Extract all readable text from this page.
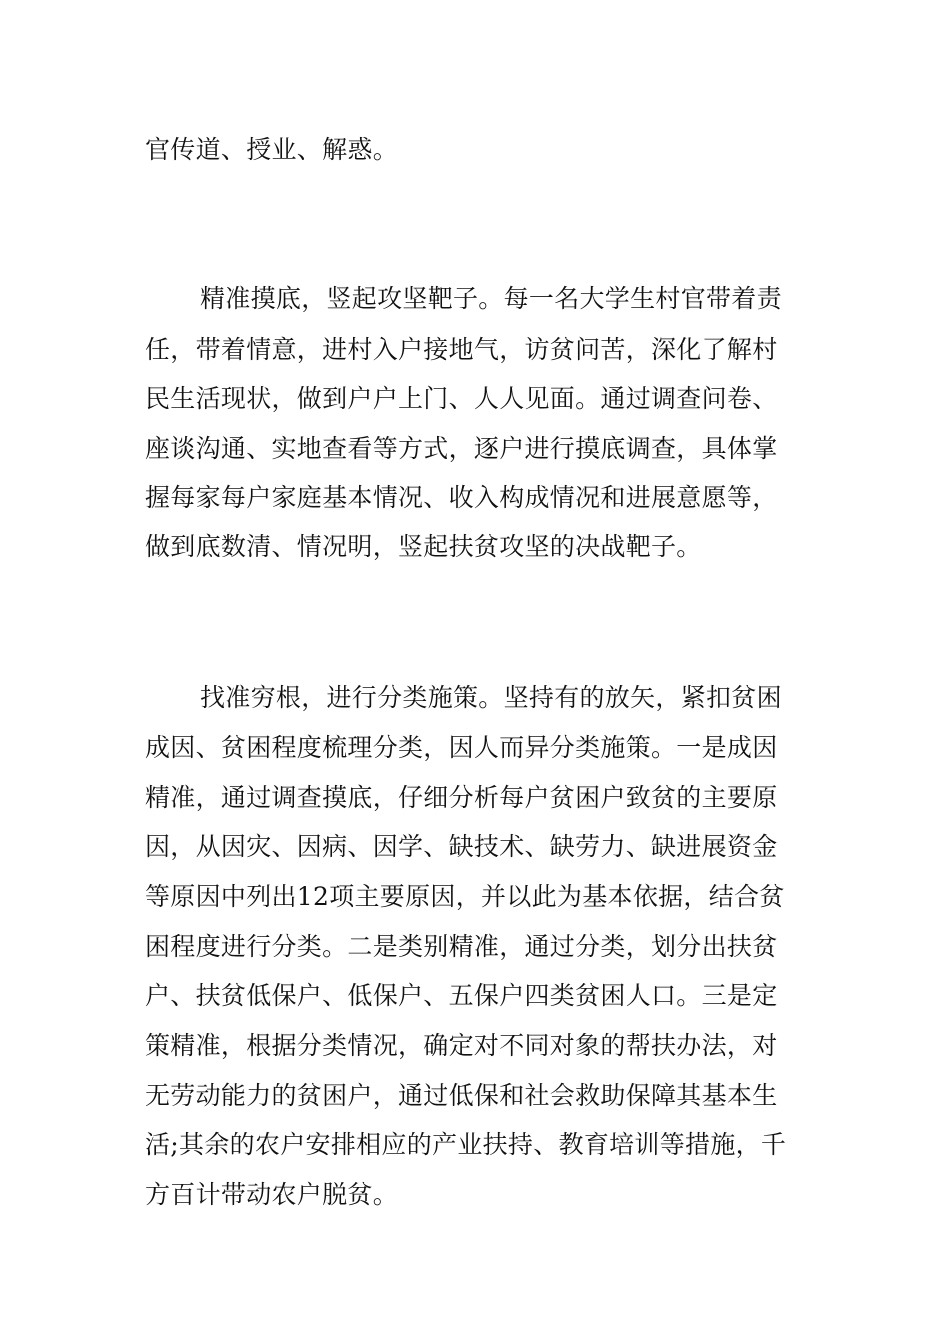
官传道、授业、解惑。
精准摸底，竖起攻坚靶子。每一名大学生村官带着责
任，带着情意，进村入户接地气，访贫问苦，深化了解村
民生活现状，做到户户上门、人人见面。通过调查问卷、
座谈沟通、实地查看等方式，逐户进行摸底调查，具体掌
握每家每户家庭基本情况、收入构成情况和进展意愿等，
做到底数清、情况明，竖起扶贫攻坚的决战靶子。
找准穷根，进行分类施策。坚持有的放矢，紧扣贫困
成因、贫困程度梳理分类，因人而异分类施策。一是成因
精准，通过调查摸底，仔细分析每户贫困户致贫的主要原
因，从因灾、因病、因学、缺技术、缺劳力、缺进展资金
等原因中列出12项主要原因，并以此为基本依据，结合贫
困程度进行分类。二是类别精准，通过分类，划分出扶贫
户、扶贫低保户、低保户、五保户四类贫困人口。三是定
策精准，根据分类情况，确定对不同对象的帮扶办法，对
无劳动能力的贫困户，通过低保和社会救助保障其基本生
活;其余的农户安排相应的产业扶持、教育培训等措施，千
方百计带动农户脱贫。
